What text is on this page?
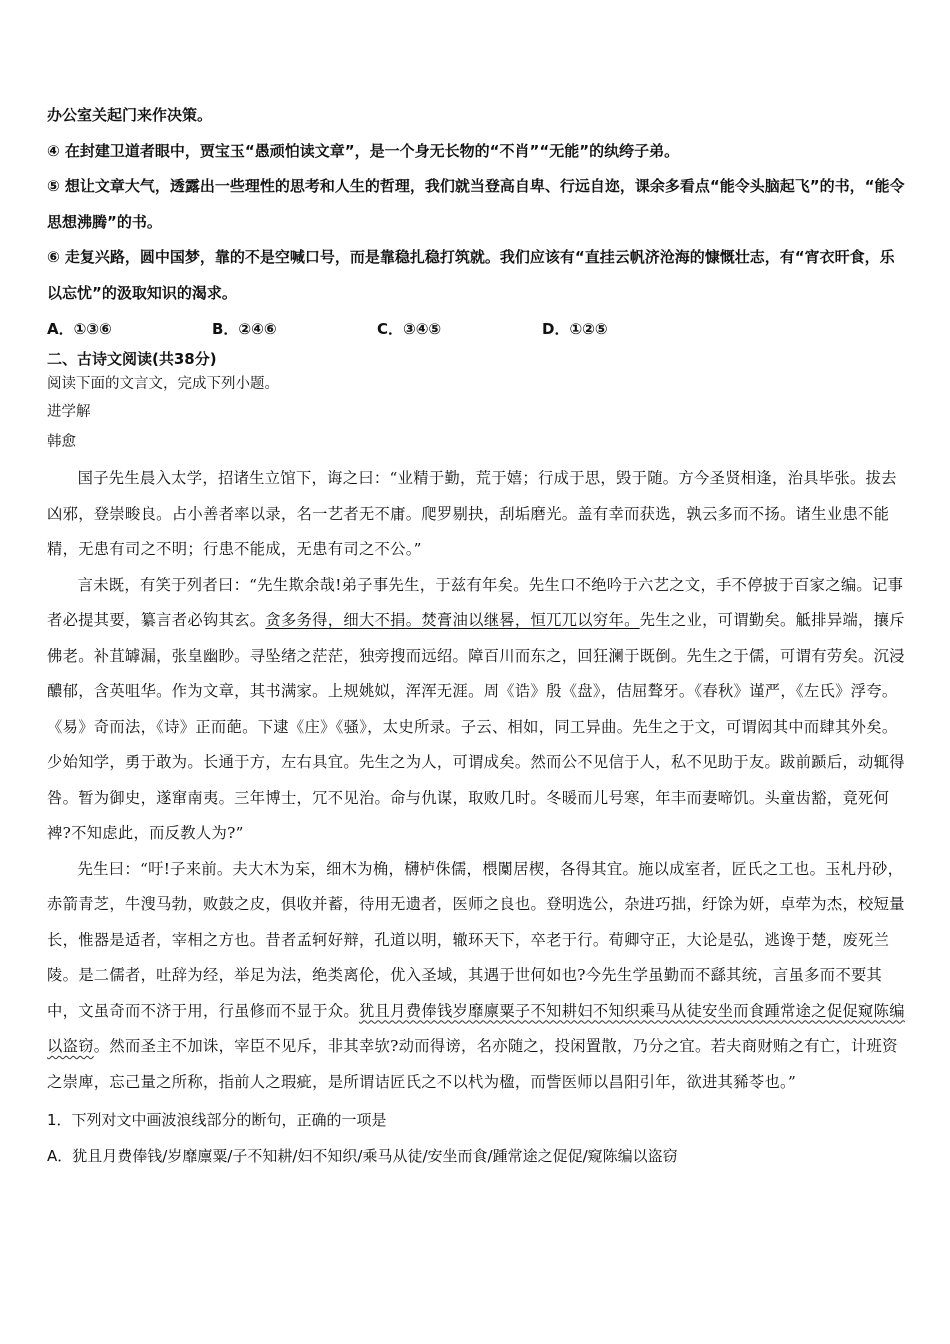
办公室关起门来作决策。

④ 在封建卫道者眼中，贾宝玉“愚顽怕读文章”，是一个身无长物的“不肖”“无能”的纨绔子弟。

⑤ 想让文章大气，透露出一些理性的思考和人生的哲理，我们就当登高自卑、行远自迩，课余多看点“能令头脑起飞”的书，“能令思想沸腾”的书。

⑥ 走复兴路，圆中国梦，靠的不是空喊口号，而是靠稳扎稳打筑就。我们应该有“直挂云帆济沧海的慷慨壮志，有“宵衣旰食，乐以忘忧”的汲取知识的渴求。

A．①③⑥	B．②④⑥	C．③④⑤	D．①②⑤

二、古诗文阅读(共38分)

阅读下面的文言文，完成下列小题。

进学解

韩愈

国子先生晨入太学，招诸生立馆下，诲之曰：“业精于勤，荒于嬉；行成于思，毁于随。方今圣贤相逢，治具毕张。拔去凶邪，登崇畯良。占小善者率以录，名一艺者无不庸。爬罗剔抉，刮垢磨光。盖有幸而获选，孰云多而不扬。诸生业患不能精，无患有司之不明；行患不能成，无患有司之不公。”

言未既，有笑于列者曰：“先生欺余哉!弟子事先生，于兹有年矣。先生口不绝吟于六艺之文，手不停披于百家之编。记事者必提其要，纂言者必钩其玄。贪多务得，细大不捐。焚膏油以继晷，恒兀兀以穷年。先生之业，可谓勤矣。觝排异端，攘斥佛老。补苴罅漏，张皇幽眇。寻坠绪之茫茫，独旁搜而远绍。障百川而东之，回狂澜于既倒。先生之于儒，可谓有劳矣。沉浸醲郁，含英咀华。作为文章，其书满家。上规姚姒，浑浑无涯。周《诰》殷《盘》，佶屈聱牙。《春秋》谨严，《左氏》浮夸。《易》奇而法，《诗》正而葩。下逮《庄》《骚》，太史所录。子云、相如，同工异曲。先生之于文，可谓闳其中而肆其外矣。少始知学，勇于敢为。长通于方，左右具宜。先生之为人，可谓成矣。然而公不见信于人，私不见助于友。跋前踬后，动辄得咎。暂为御史，遂窜南夷。三年博士，冗不见治。命与仇谋，取败几时。冬暖而儿号寒，年丰而妻啼饥。头童齿豁，竟死何裨?不知虑此，而反教人为?”

先生曰：“吁!子来前。夫大木为杗，细木为桷，欂栌侏儒，椳闑居楔，各得其宜。施以成室者，匠氏之工也。玉札丹砂，赤箭青芝，牛溲马勃，败鼓之皮，俱收并蓄，待用无遗者，医师之良也。登明选公，杂进巧拙，纡馀为妍，卓荦为杰，校短量长，惟器是适者，宰相之方也。昔者孟轲好辩，孔道以明，辙环天下，卒老于行。荀卿守正，大论是弘，逃谗于楚，废死兰陵。是二儒者，吐辞为经，举足为法，绝类离伦，优入圣域，其遇于世何如也?今先生学虽勤而不繇其统，言虽多而不要其中，文虽奇而不济于用，行虽修而不显于众。犹且月费俸钱岁靡廪粟子不知耕妇不知织乘马从徒安坐而食踵常途之促促窥陈编以盗窃。然而圣主不加诛，宰臣不见斥，非其幸欤?动而得谤，名亦随之，投闲置散，乃分之宜。若夫商财贿之有亡，计班资之崇庳，忘己量之所称，指前人之瑕疵，是所谓诘匠氏之不以杙为楹，而訾医师以昌阳引年，欲进其豨苓也。”

1．下列对文中画波浪线部分的断句，正确的一项是

A．犹且月费俸钱/岁靡廪粟/子不知耕/妇不知织/乘马从徒/安坐而食/踵常途之促促/窥陈编以盗窃
